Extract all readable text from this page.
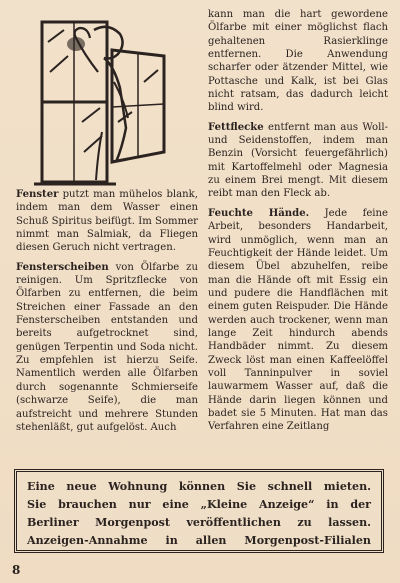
Fenster putzt man mühelos blank, indem man dem Wasser einen Schuß Spiritus beifügt. Im Sommer nimmt man Salmiak, da Fliegen diesen Geruch nicht vertragen.

Fensterscheiben von Ölfarbe zu reinigen. Um Spritzflecke von Ölfarben zu entfernen, die beim Streichen einer Fassade an den Fensterscheiben entstanden und bereits aufgetrocknet sind, genügen Terpentin und Soda nicht. Zu empfehlen ist hierzu Seife. Namentlich werden alle Ölfarben durch sogenannte Schmierseife (schwarze Seife), die man aufstreicht und mehrere Stunden stehenläßt, gut aufgelöst. Auch

kann man die hart gewordene Ölfarbe mit einer möglichst flach gehaltenen Rasierklinge entfernen. Die Anwendung scharfer oder ätzender Mittel, wie Pottasche und Kalk, ist bei Glas nicht ratsam, das dadurch leicht blind wird.

Fettflecke entfernt man aus Woll- und Seidenstoffen, indem man Benzin (Vorsicht feuergefährlich) mit Kartoffelmehl oder Magnesia zu einem Brei mengt. Mit diesem reibt man den Fleck ab.

Feuchte Hände. Jede feine Arbeit, besonders Handarbeit, wird unmöglich, wenn man an Feuchtigkeit der Hände leidet. Um diesem Übel abzuhelfen, reibe man die Hände oft mit Essig ein und pudere die Handflächen mit einem guten Reispuder. Die Hände werden auch trockener, wenn man lange Zeit hindurch abends Handbäder nimmt. Zu diesem Zweck löst man einen Kaffeelöffel voll Tanninpulver in soviel lauwarmem Wasser auf, daß die Hände darin liegen können und badet sie 5 Minuten. Hat man das Verfahren eine Zeitlang

Eine neue Wohnung können Sie schnell mieten.
Sie brauchen nur eine „Kleine Anzeige“ in der
Berliner Morgenpost veröffentlichen zu lassen.
Anzeigen-Annahme in allen Morgenpost-Filialen
8
